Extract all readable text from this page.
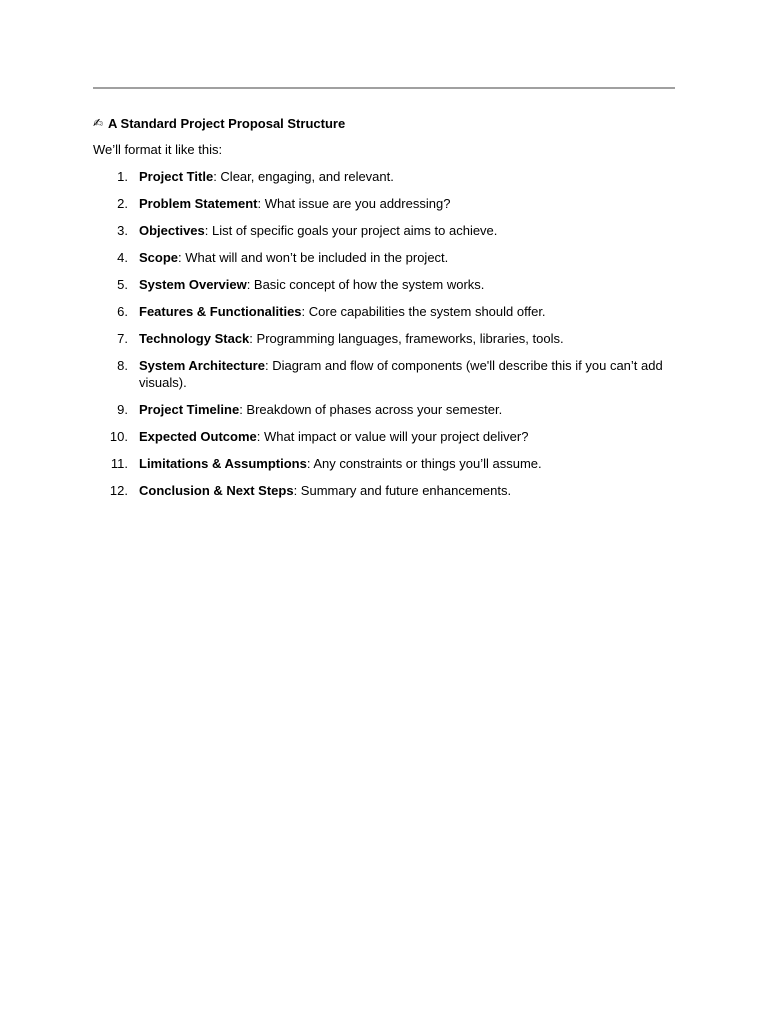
✍ A Standard Project Proposal Structure
We’ll format it like this:
1. Project Title: Clear, engaging, and relevant.
2. Problem Statement: What issue are you addressing?
3. Objectives: List of specific goals your project aims to achieve.
4. Scope: What will and won’t be included in the project.
5. System Overview: Basic concept of how the system works.
6. Features & Functionalities: Core capabilities the system should offer.
7. Technology Stack: Programming languages, frameworks, libraries, tools.
8. System Architecture: Diagram and flow of components (we'll describe this if you can’t add visuals).
9. Project Timeline: Breakdown of phases across your semester.
10. Expected Outcome: What impact or value will your project deliver?
11. Limitations & Assumptions: Any constraints or things you’ll assume.
12. Conclusion & Next Steps: Summary and future enhancements.
